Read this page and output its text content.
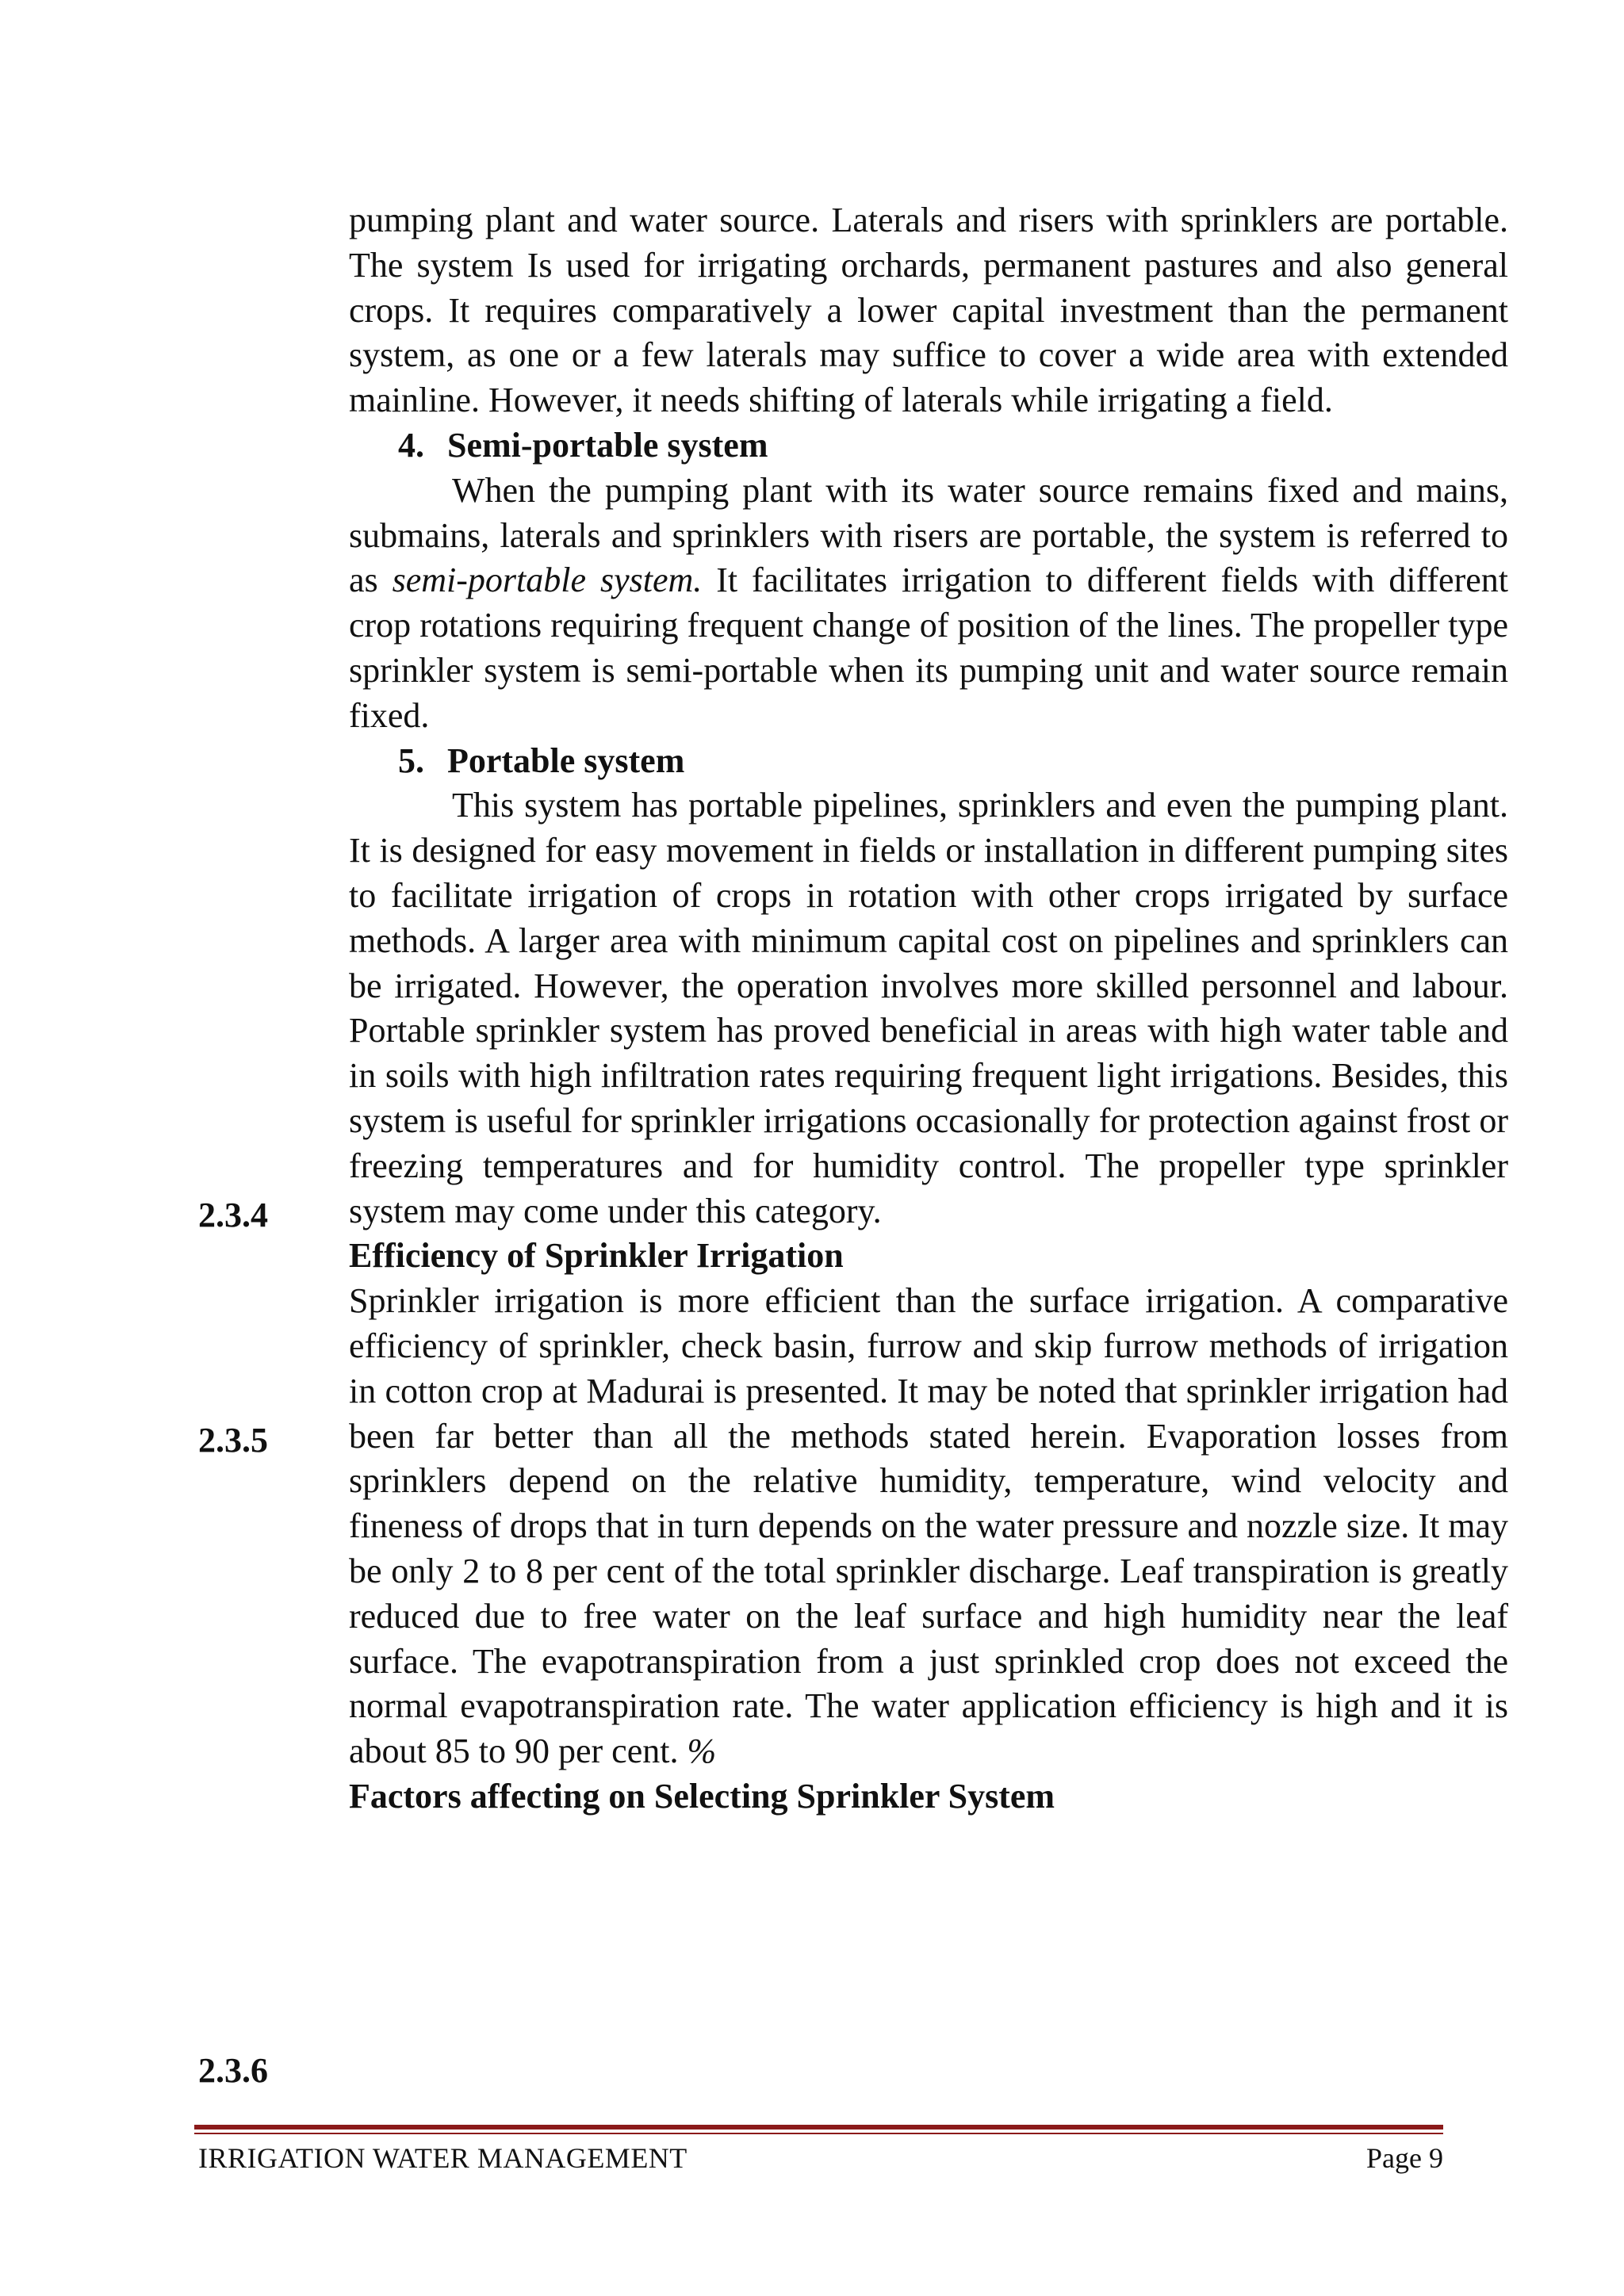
pumping plant and water source. Laterals and risers with sprinklers are portable. The system Is used for irrigating orchards, permanent pastures and also general crops. It requires comparatively a lower capital investment than the permanent system, as one or a few laterals may suffice to cover a wide area with extended mainline. However, it needs shifting of laterals while irrigating a field.

4. Semi-portable system

When the pumping plant with its water source remains fixed and mains, submains, laterals and sprinklers with risers are portable, the system is referred to as semi-portable system. It facilitates irrigation to different fields with different crop rotations requiring frequent change of position of the lines. The propeller type sprinkler system is semi-portable when its pumping unit and water source remain fixed.

5. Portable system

This system has portable pipelines, sprinklers and even the pumping plant. It is designed for easy movement in fields or installation in different pumping sites to facilitate irrigation of crops in rotation with other crops irrigated by surface methods. A larger area with minimum capital cost on pipelines and sprinklers can be irrigated. However, the operation involves more skilled personnel and labour. Portable sprinkler system has proved beneficial in areas with high water table and in soils with high infiltration rates requiring frequent light irrigations. Besides, this system is useful for sprinkler irrigations occasionally for protection against frost or freezing temperatures and for humidity control. The propeller type sprinkler system may come under this category.

Efficiency of Sprinkler Irrigation

Sprinkler irrigation is more efficient than the surface irrigation. A comparative efficiency of sprinkler, check basin, furrow and skip furrow methods of irrigation in cotton crop at Madurai is presented. It may be noted that sprinkler irrigation had been far better than all the methods stated herein. Evaporation losses from sprinklers depend on the relative humidity, temperature, wind velocity and fineness of drops that in turn depends on the water pressure and nozzle size. It may be only 2 to 8 per cent of the total sprinkler discharge. Leaf transpiration is greatly reduced due to free water on the leaf surface and high humidity near the leaf surface. The evapotranspiration from a just sprinkled crop does not exceed the normal evapotranspiration rate. The water application efficiency is high and it is about 85 to 90 per cent. %

Factors affecting on Selecting Sprinkler System

2.3.4
2.3.5
2.3.6
IRRIGATION WATER MANAGEMENT	Page 9
